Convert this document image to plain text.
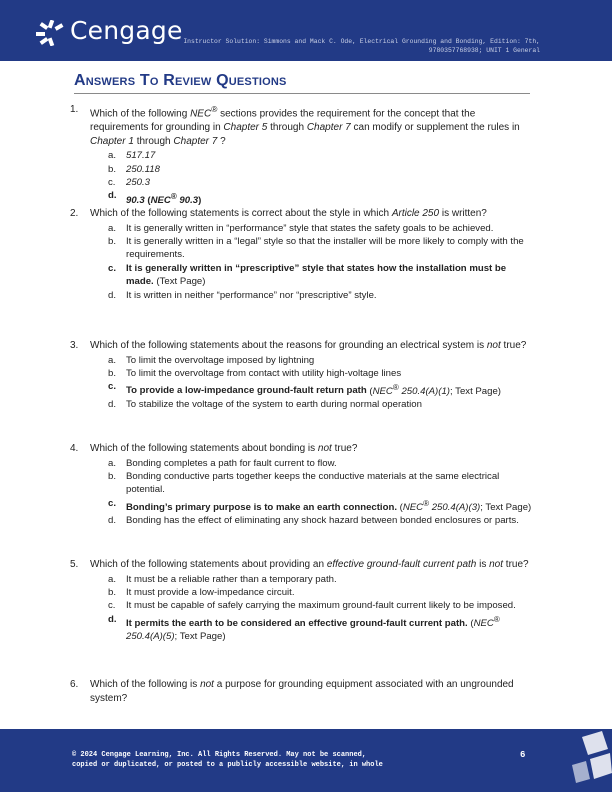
Cengage Instructor Solution: Simmons and Mack C. Ode, Electrical Grounding and Bonding, Edition: 7th,
9780357768938; UNIT 1 General
Answers To Review Questions
1. Which of the following NEC® sections provides the requirement for the concept that the requirements for grounding in Chapter 5 through Chapter 7 can modify or supplement the rules in Chapter 1 through Chapter 7 ?
a. 517.17
b. 250.118
c. 250.3
d. 90.3 (NEC® 90.3)
2. Which of the following statements is correct about the style in which Article 250 is written?
a. It is generally written in “performance” style that states the safety goals to be achieved.
b. It is generally written in a “legal” style so that the installer will be more likely to comply with the requirements.
c. It is generally written in “prescriptive” style that states how the installation must be made. (Text Page)
d. It is written in neither “performance” nor “prescriptive” style.
3. Which of the following statements about the reasons for grounding an electrical system is not true?
a. To limit the overvoltage imposed by lightning
b. To limit the overvoltage from contact with utility high-voltage lines
c. To provide a low-impedance ground-fault return path (NEC® 250.4(A)(1); Text Page)
d. To stabilize the voltage of the system to earth during normal operation
4. Which of the following statements about bonding is not true?
a. Bonding completes a path for fault current to flow.
b. Bonding conductive parts together keeps the conductive materials at the same electrical potential.
c. Bonding’s primary purpose is to make an earth connection. (NEC® 250.4(A)(3); Text Page)
d. Bonding has the effect of eliminating any shock hazard between bonded enclosures or parts.
5. Which of the following statements about providing an effective ground-fault current path is not true?
a. It must be a reliable rather than a temporary path.
b. It must provide a low-impedance circuit.
c. It must be capable of safely carrying the maximum ground-fault current likely to be imposed.
d. It permits the earth to be considered an effective ground-fault current path. (NEC® 250.4(A)(5); Text Page)
6. Which of the following is not a purpose for grounding equipment associated with an ungrounded system?
© 2024 Cengage Learning, Inc. All Rights Reserved. May not be scanned,
copied or duplicated, or posted to a publicly accessible website, in whole
6
